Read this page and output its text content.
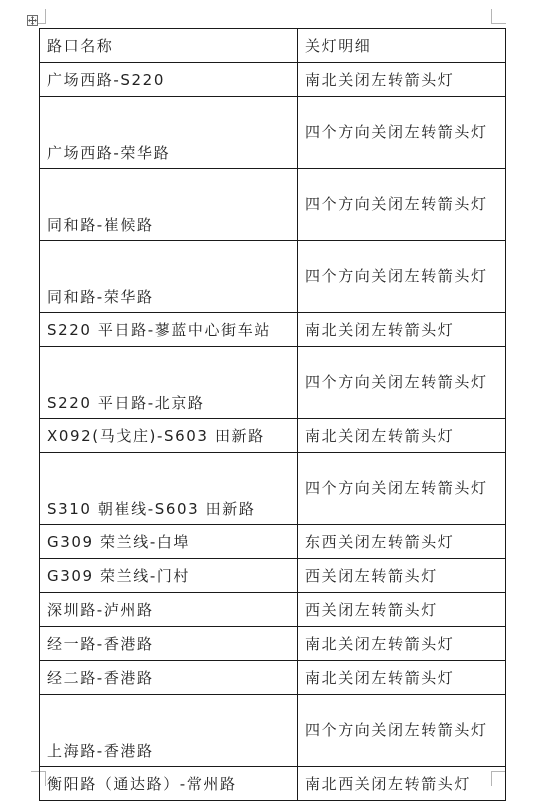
路口名称	关灯明细
广场西路-S220	南北关闭左转箭头灯
广场西路-荣华路	四个方向关闭左转箭头灯
同和路-崔候路	四个方向关闭左转箭头灯
同和路-荣华路	四个方向关闭左转箭头灯
S220 平日路-蓼蓝中心街车站	南北关闭左转箭头灯
S220 平日路-北京路	四个方向关闭左转箭头灯
X092(马戈庄)-S603 田新路	南北关闭左转箭头灯
S310 朝崔线-S603 田新路	四个方向关闭左转箭头灯
G309 荣兰线-白埠	东西关闭左转箭头灯
G309 荣兰线-门村	西关闭左转箭头灯
深圳路-泸州路	西关闭左转箭头灯
经一路-香港路	南北关闭左转箭头灯
经二路-香港路	南北关闭左转箭头灯
上海路-香港路	四个方向关闭左转箭头灯
衡阳路（通达路）-常州路	南北西关闭左转箭头灯
